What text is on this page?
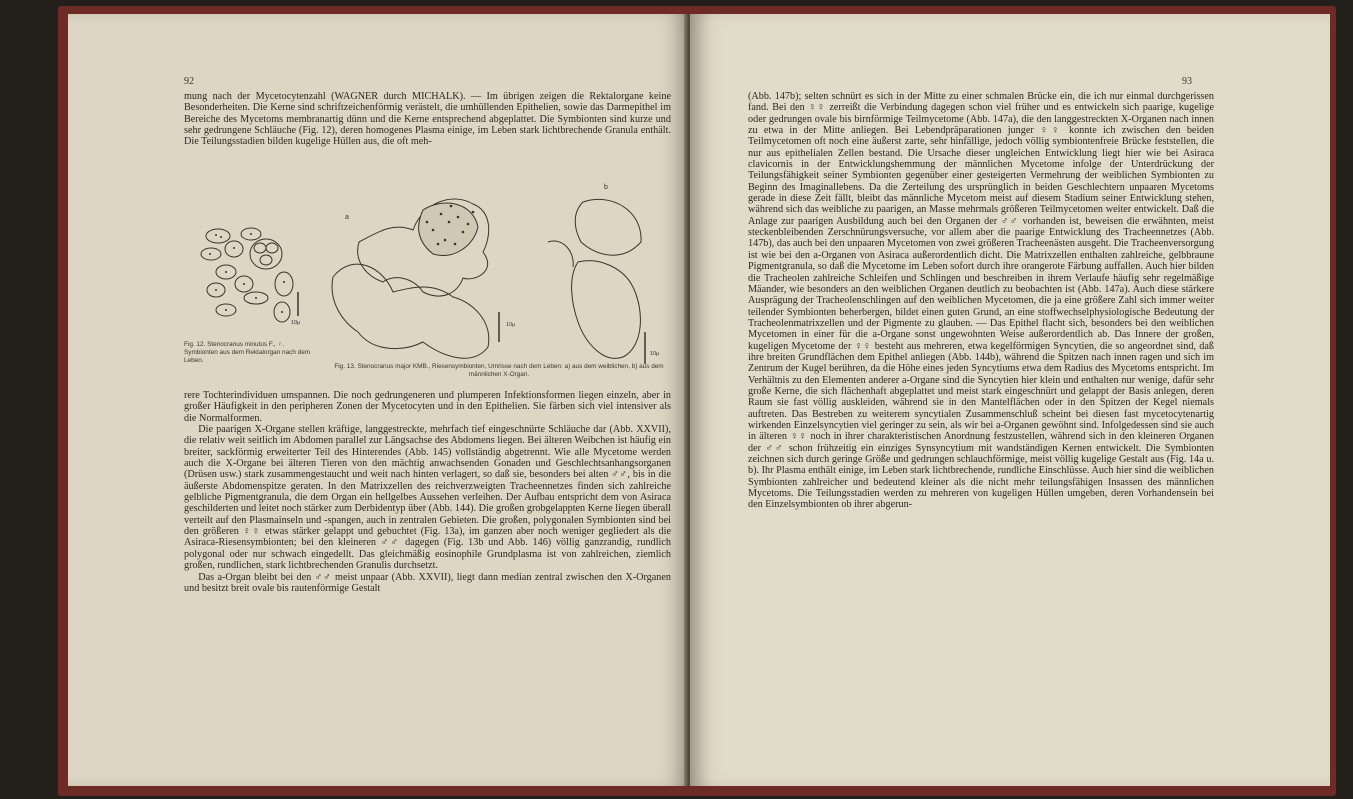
92

mung nach der Mycetocytenzahl (WAGNER durch MICHALK). — Im übrigen zeigen die Rektalorgane keine Besonderheiten. Die Kerne sind schriftzeichenförmig verästelt, die umhüllenden Epithelien, sowie das Darmepithel im Bereiche des Mycetoms membranartig dünn und die Kerne entsprechend abgeplattet. Die Symbionten sind kurze und sehr gedrungene Schläuche (Fig. 12), deren homogenes Plasma einige, im Leben stark lichtbrechende Granula enthält. Die Teilungsstadien bilden kugelige Hüllen aus, die oft meh-

Fig. 12. Stenocranus minutus F., ♀. Symbionten aus dem Rektalorgan nach dem Leben.
a
b
10μ
10μ
10μ
Fig. 13. Stenocranus major KMB., Riesensymbionten, Umrisse nach dem Leben: a) aus dem weiblichen, b) aus dem männlichen X-Organ.

rere Tochterindividuen umspannen. Die noch gedrungeneren und plumperen Infektionsformen liegen einzeln, aber in großer Häufigkeit in den peripheren Zonen der Mycetocyten und in den Epithelien. Sie färben sich viel intensiver als die Normalformen.

Die paarigen X-Organe stellen kräftige, langgestreckte, mehrfach tief eingeschnürte Schläuche dar (Abb. XXVII), die relativ weit seitlich im Abdomen parallel zur Längsachse des Abdomens liegen. Bei älteren Weibchen ist häufig ein breiter, sackförmig erweiterter Teil des Hinterendes (Abb. 145) vollständig abgetrennt. Wie alle Mycetome werden auch die X-Organe bei älteren Tieren von den mächtig anwachsenden Gonaden und Geschlechtsanhangsorganen (Drüsen usw.) stark zusammengestaucht und weit nach hinten verlagert, so daß sie, besonders bei alten ♂♂, bis in die äußerste Abdomenspitze geraten. In den Matrixzellen des reichverzweigten Tracheennetzes finden sich zahlreiche gelbliche Pigmentgranula, die dem Organ ein hellgelbes Aussehen verleihen. Der Aufbau entspricht dem von Asiraca geschilderten und leitet noch stärker zum Derbidentyp über (Abb. 144). Die großen grobgelappten Kerne liegen überall verteilt auf den Plasmainseln und -spangen, auch in zentralen Gebieten. Die großen, polygonalen Symbionten sind bei den größeren ♀♀ etwas stärker gelappt und gebuchtet (Fig. 13a), im ganzen aber noch weniger gegliedert als die Asiraca-Riesensymbionten; bei den kleineren ♂♂ dagegen (Fig. 13b und Abb. 146) völlig ganzrandig, rundlich polygonal oder nur schwach eingedellt. Das gleichmäßig eosinophile Grundplasma ist von zahlreichen, ziemlich großen, rundlichen, stark lichtbrechenden Granulis durchsetzt.

Das a-Organ bleibt bei den ♂♂ meist unpaar (Abb. XXVII), liegt dann median zentral zwischen den X-Organen und besitzt breit ovale bis rautenförmige Gestalt

93

(Abb. 147b); selten schnürt es sich in der Mitte zu einer schmalen Brücke ein, die ich nur einmal durchgerissen fand. Bei den ♀♀ zerreißt die Verbindung dagegen schon viel früher und es entwickeln sich paarige, kugelige oder gedrungen ovale bis birnförmige Teilmycetome (Abb. 147a), die den langgestreckten X-Organen nach innen zu etwa in der Mitte anliegen. Bei Lebendpräparationen junger ♀♀ konnte ich zwischen den beiden Teilmycetomen oft noch eine äußerst zarte, sehr hinfällige, jedoch völlig symbiontenfreie Brücke feststellen, die nur aus epithelialen Zellen bestand. Die Ursache dieser ungleichen Entwicklung liegt hier wie bei Asiraca clavicornis in der Entwicklungshemmung der männlichen Mycetome infolge der Unterdrückung der Teilungsfähigkeit seiner Symbionten gegenüber einer gesteigerten Vermehrung der weiblichen Symbionten zu Beginn des Imaginallebens. Da die Zerteilung des ursprünglich in beiden Geschlechtern unpaaren Mycetoms gerade in diese Zeit fällt, bleibt das männliche Mycetom meist auf diesem Stadium seiner Entwicklung stehen, während sich das weibliche zu paarigen, an Masse mehrmals größeren Teilmycetomen weiter entwickelt. Daß die Anlage zur paarigen Ausbildung auch bei den Organen der ♂♂ vorhanden ist, beweisen die erwähnten, meist steckenbleibenden Zerschnürungsversuche, vor allem aber die paarige Entwicklung des Tracheennetzes (Abb. 147b), das auch bei den unpaaren Mycetomen von zwei größeren Tracheenästen ausgeht. Die Tracheenversorgung ist wie bei den a-Organen von Asiraca außerordentlich dicht. Die Matrixzellen enthalten zahlreiche, gelbbraune Pigmentgranula, so daß die Mycetome im Leben sofort durch ihre orangerote Färbung auffallen. Auch hier bilden die Tracheolen zahlreiche Schleifen und Schlingen und beschreiben in ihrem Verlaufe häufig sehr regelmäßige Mäander, wie besonders an den weiblichen Organen deutlich zu beobachten ist (Abb. 147a). Auch diese stärkere Ausprägung der Tracheolenschlingen auf den weiblichen Mycetomen, die ja eine größere Zahl sich immer weiter teilender Symbionten beherbergen, bildet einen guten Grund, an eine stoffwechselphysiologische Bedeutung der Tracheolenmatrixzellen und der Pigmente zu glauben. — Das Epithel flacht sich, besonders bei den weiblichen Mycetomen in einer für die a-Organe sonst ungewohnten Weise außerordentlich ab. Das Innere der großen, kugeligen Mycetome der ♀♀ besteht aus mehreren, etwa kegelförmigen Syncytien, die so angeordnet sind, daß ihre breiten Grundflächen dem Epithel anliegen (Abb. 144b), während die Spitzen nach innen ragen und sich im Zentrum der Kugel berühren, da die Höhe eines jeden Syncytiums etwa dem Radius des Mycetoms entspricht. Im Verhältnis zu den Elementen anderer a-Organe sind die Syncytien hier klein und enthalten nur wenige, dafür sehr große Kerne, die sich flächenhaft abgeplattet und meist stark eingeschnürt und gelappt der Basis anlegen, deren Raum sie fast völlig auskleiden, während sie in den Mantelflächen oder in den Spitzen der Kegel niemals auftreten. Das Bestreben zu weiterem syncytialen Zusammenschluß scheint bei diesen fast mycetocytenartig wirkenden Einzelsyncytien viel geringer zu sein, als wir bei a-Organen gewöhnt sind. Infolgedessen sind sie auch in älteren ♀♀ noch in ihrer charakteristischen Anordnung festzustellen, während sich in den kleineren Organen der ♂♂ schon frühzeitig ein einziges Synsyncytium mit wandständigen Kernen entwickelt. Die Symbionten zeichnen sich durch geringe Größe und gedrungen schlauchförmige, meist völlig kugelige Gestalt aus (Fig. 14a u. b). Ihr Plasma enthält einige, im Leben stark lichtbrechende, rundliche Einschlüsse. Auch hier sind die weiblichen Symbionten zahlreicher und bedeutend kleiner als die nicht mehr teilungsfähigen Insassen des männlichen Mycetoms. Die Teilungsstadien werden zu mehreren von kugeligen Hüllen umgeben, deren Vorhandensein bei den Einzelsymbionten ob ihrer abgerun-
